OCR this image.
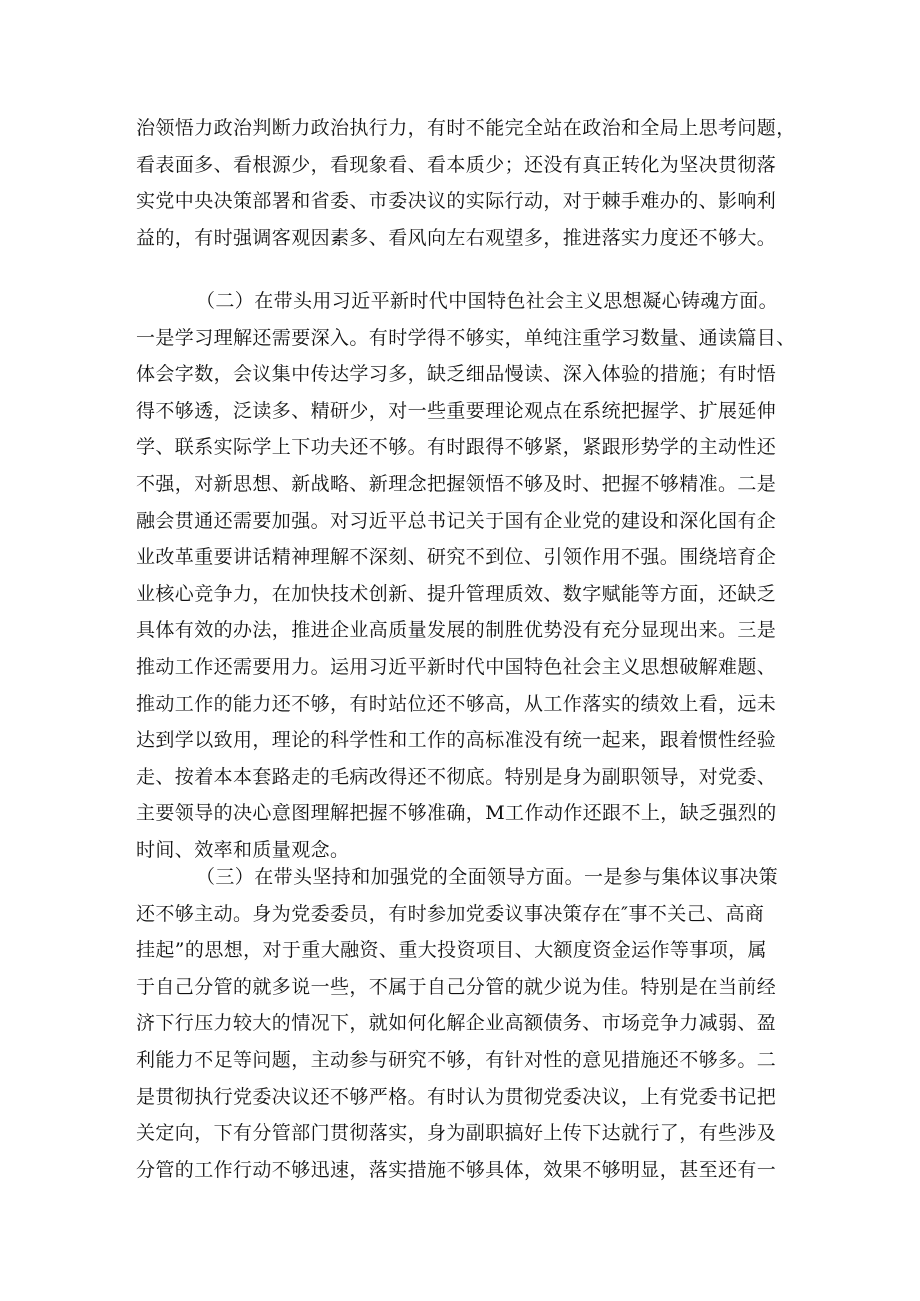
治领悟力政治判断力政治执行力，有时不能完全站在政治和全局上思考问题，
看表面多、看根源少，看现象看、看本质少；还没有真正转化为坚决贯彻落
实党中央决策部署和省委、市委决议的实际行动，对于棘手难办的、影响利
益的，有时强调客观因素多、看风向左右观望多，推进落实力度还不够大。
（二）在带头用习近平新时代中国特色社会主义思想凝心铸魂方面。
一是学习理解还需要深入。有时学得不够实，单纯注重学习数量、通读篇目、
体会字数，会议集中传达学习多，缺乏细品慢读、深入体验的措施；有时悟
得不够透，泛读多、精研少，对一些重要理论观点在系统把握学、扩展延伸
学、联系实际学上下功夫还不够。有时跟得不够紧，紧跟形势学的主动性还
不强，对新思想、新战略、新理念把握领悟不够及时、把握不够精准。二是
融会贯通还需要加强。对习近平总书记关于国有企业党的建设和深化国有企
业改革重要讲话精神理解不深刻、研究不到位、引领作用不强。围绕培育企
业核心竞争力，在加快技术创新、提升管理质效、数字赋能等方面，还缺乏
具体有效的办法，推进企业高质量发展的制胜优势没有充分显现出来。三是
推动工作还需要用力。运用习近平新时代中国特色社会主义思想破解难题、
推动工作的能力还不够，有时站位还不够高，从工作落实的绩效上看，远未
达到学以致用，理论的科学性和工作的高标准没有统一起来，跟着惯性经验
走、按着本本套路走的毛病改得还不彻底。特别是身为副职领导，对党委、
主要领导的决心意图理解把握不够准确，M工作动作还跟不上，缺乏强烈的
时间、效率和质量观念。
（三）在带头坚持和加强党的全面领导方面。一是参与集体议事决策
还不够主动。身为党委委员，有时参加党委议事决策存在″事不关己、高商
挂起”的思想，对于重大融资、重大投资项目、大额度资金运作等事项，属
于自己分管的就多说一些，不属于自己分管的就少说为佳。特别是在当前经
济下行压力较大的情况下，就如何化解企业高额债务、市场竞争力减弱、盈
利能力不足等问题，主动参与研究不够，有针对性的意见措施还不够多。二
是贯彻执行党委决议还不够严格。有时认为贯彻党委决议，上有党委书记把
关定向，下有分管部门贯彻落实，身为副职搞好上传下达就行了，有些涉及
分管的工作行动不够迅速，落实措施不够具体，效果不够明显，甚至还有一
